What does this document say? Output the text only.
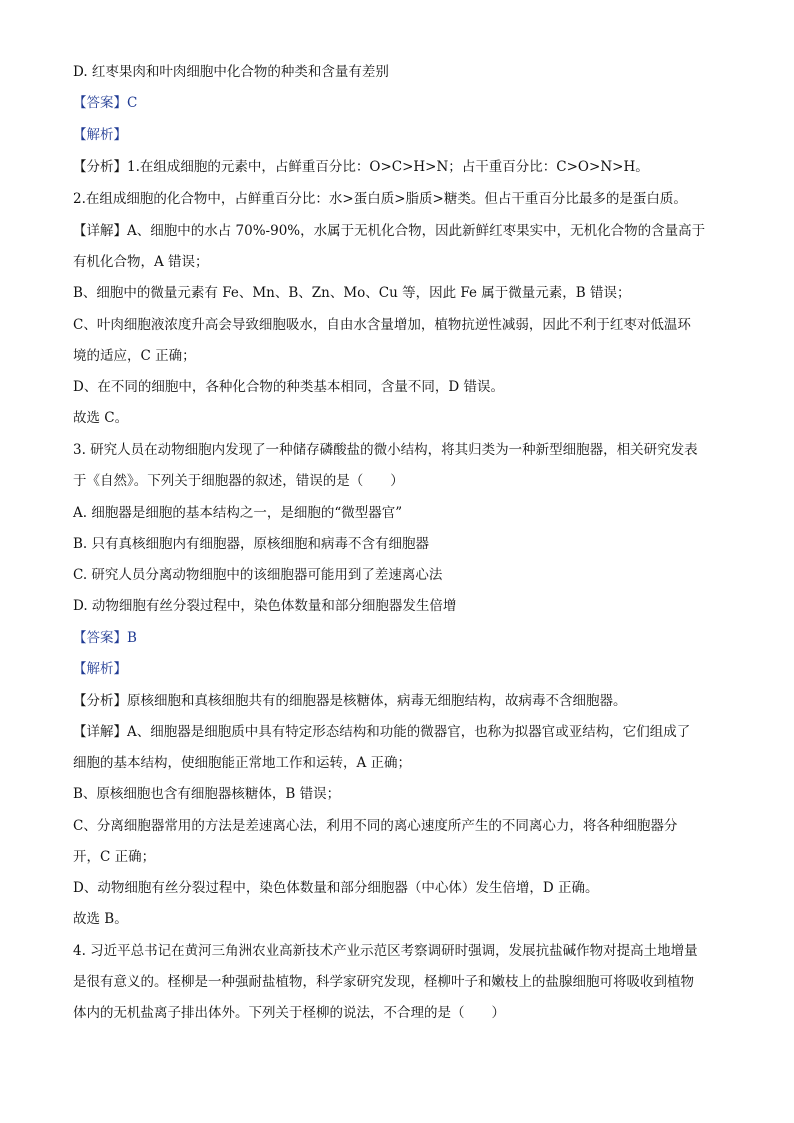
D. 红枣果肉和叶肉细胞中化合物的种类和含量有差别
【答案】C
【解析】
【分析】1.在组成细胞的元素中，占鲜重百分比：O>C>H>N；占干重百分比：C>O>N>H。
2.在组成细胞的化合物中，占鲜重百分比：水>蛋白质>脂质>糖类。但占干重百分比最多的是蛋白质。
【详解】A、细胞中的水占 70%-90%，水属于无机化合物，因此新鲜红枣果实中，无机化合物的含量高于
有机化合物，A 错误；
B、细胞中的微量元素有 Fe、Mn、B、Zn、Mo、Cu 等，因此 Fe 属于微量元素，B 错误；
C、叶肉细胞液浓度升高会导致细胞吸水，自由水含量增加，植物抗逆性减弱，因此不利于红枣对低温环
境的适应，C 正确；
D、在不同的细胞中，各种化合物的种类基本相同，含量不同，D 错误。
故选 C。
3. 研究人员在动物细胞内发现了一种储存磷酸盐的微小结构，将其归类为一种新型细胞器，相关研究发表
于《自然》。下列关于细胞器的叙述，错误的是（　　）
A. 细胞器是细胞的基本结构之一，是细胞的“微型器官”
B. 只有真核细胞内有细胞器，原核细胞和病毒不含有细胞器
C. 研究人员分离动物细胞中的该细胞器可能用到了差速离心法
D. 动物细胞有丝分裂过程中，染色体数量和部分细胞器发生倍增
【答案】B
【解析】
【分析】原核细胞和真核细胞共有的细胞器是核糖体，病毒无细胞结构，故病毒不含细胞器。
【详解】A、细胞器是细胞质中具有特定形态结构和功能的微器官，也称为拟器官或亚结构，它们组成了
细胞的基本结构，使细胞能正常地工作和运转，A 正确；
B、原核细胞也含有细胞器核糖体，B 错误；
C、分离细胞器常用的方法是差速离心法，利用不同的离心速度所产生的不同离心力，将各种细胞器分
开，C 正确；
D、动物细胞有丝分裂过程中，染色体数量和部分细胞器（中心体）发生倍增，D 正确。
故选 B。
4. 习近平总书记在黄河三角洲农业高新技术产业示范区考察调研时强调，发展抗盐碱作物对提高土地增量
是很有意义的。柽柳是一种强耐盐植物，科学家研究发现，柽柳叶子和嫩枝上的盐腺细胞可将吸收到植物
体内的无机盐离子排出体外。下列关于柽柳的说法，不合理的是（　　）
